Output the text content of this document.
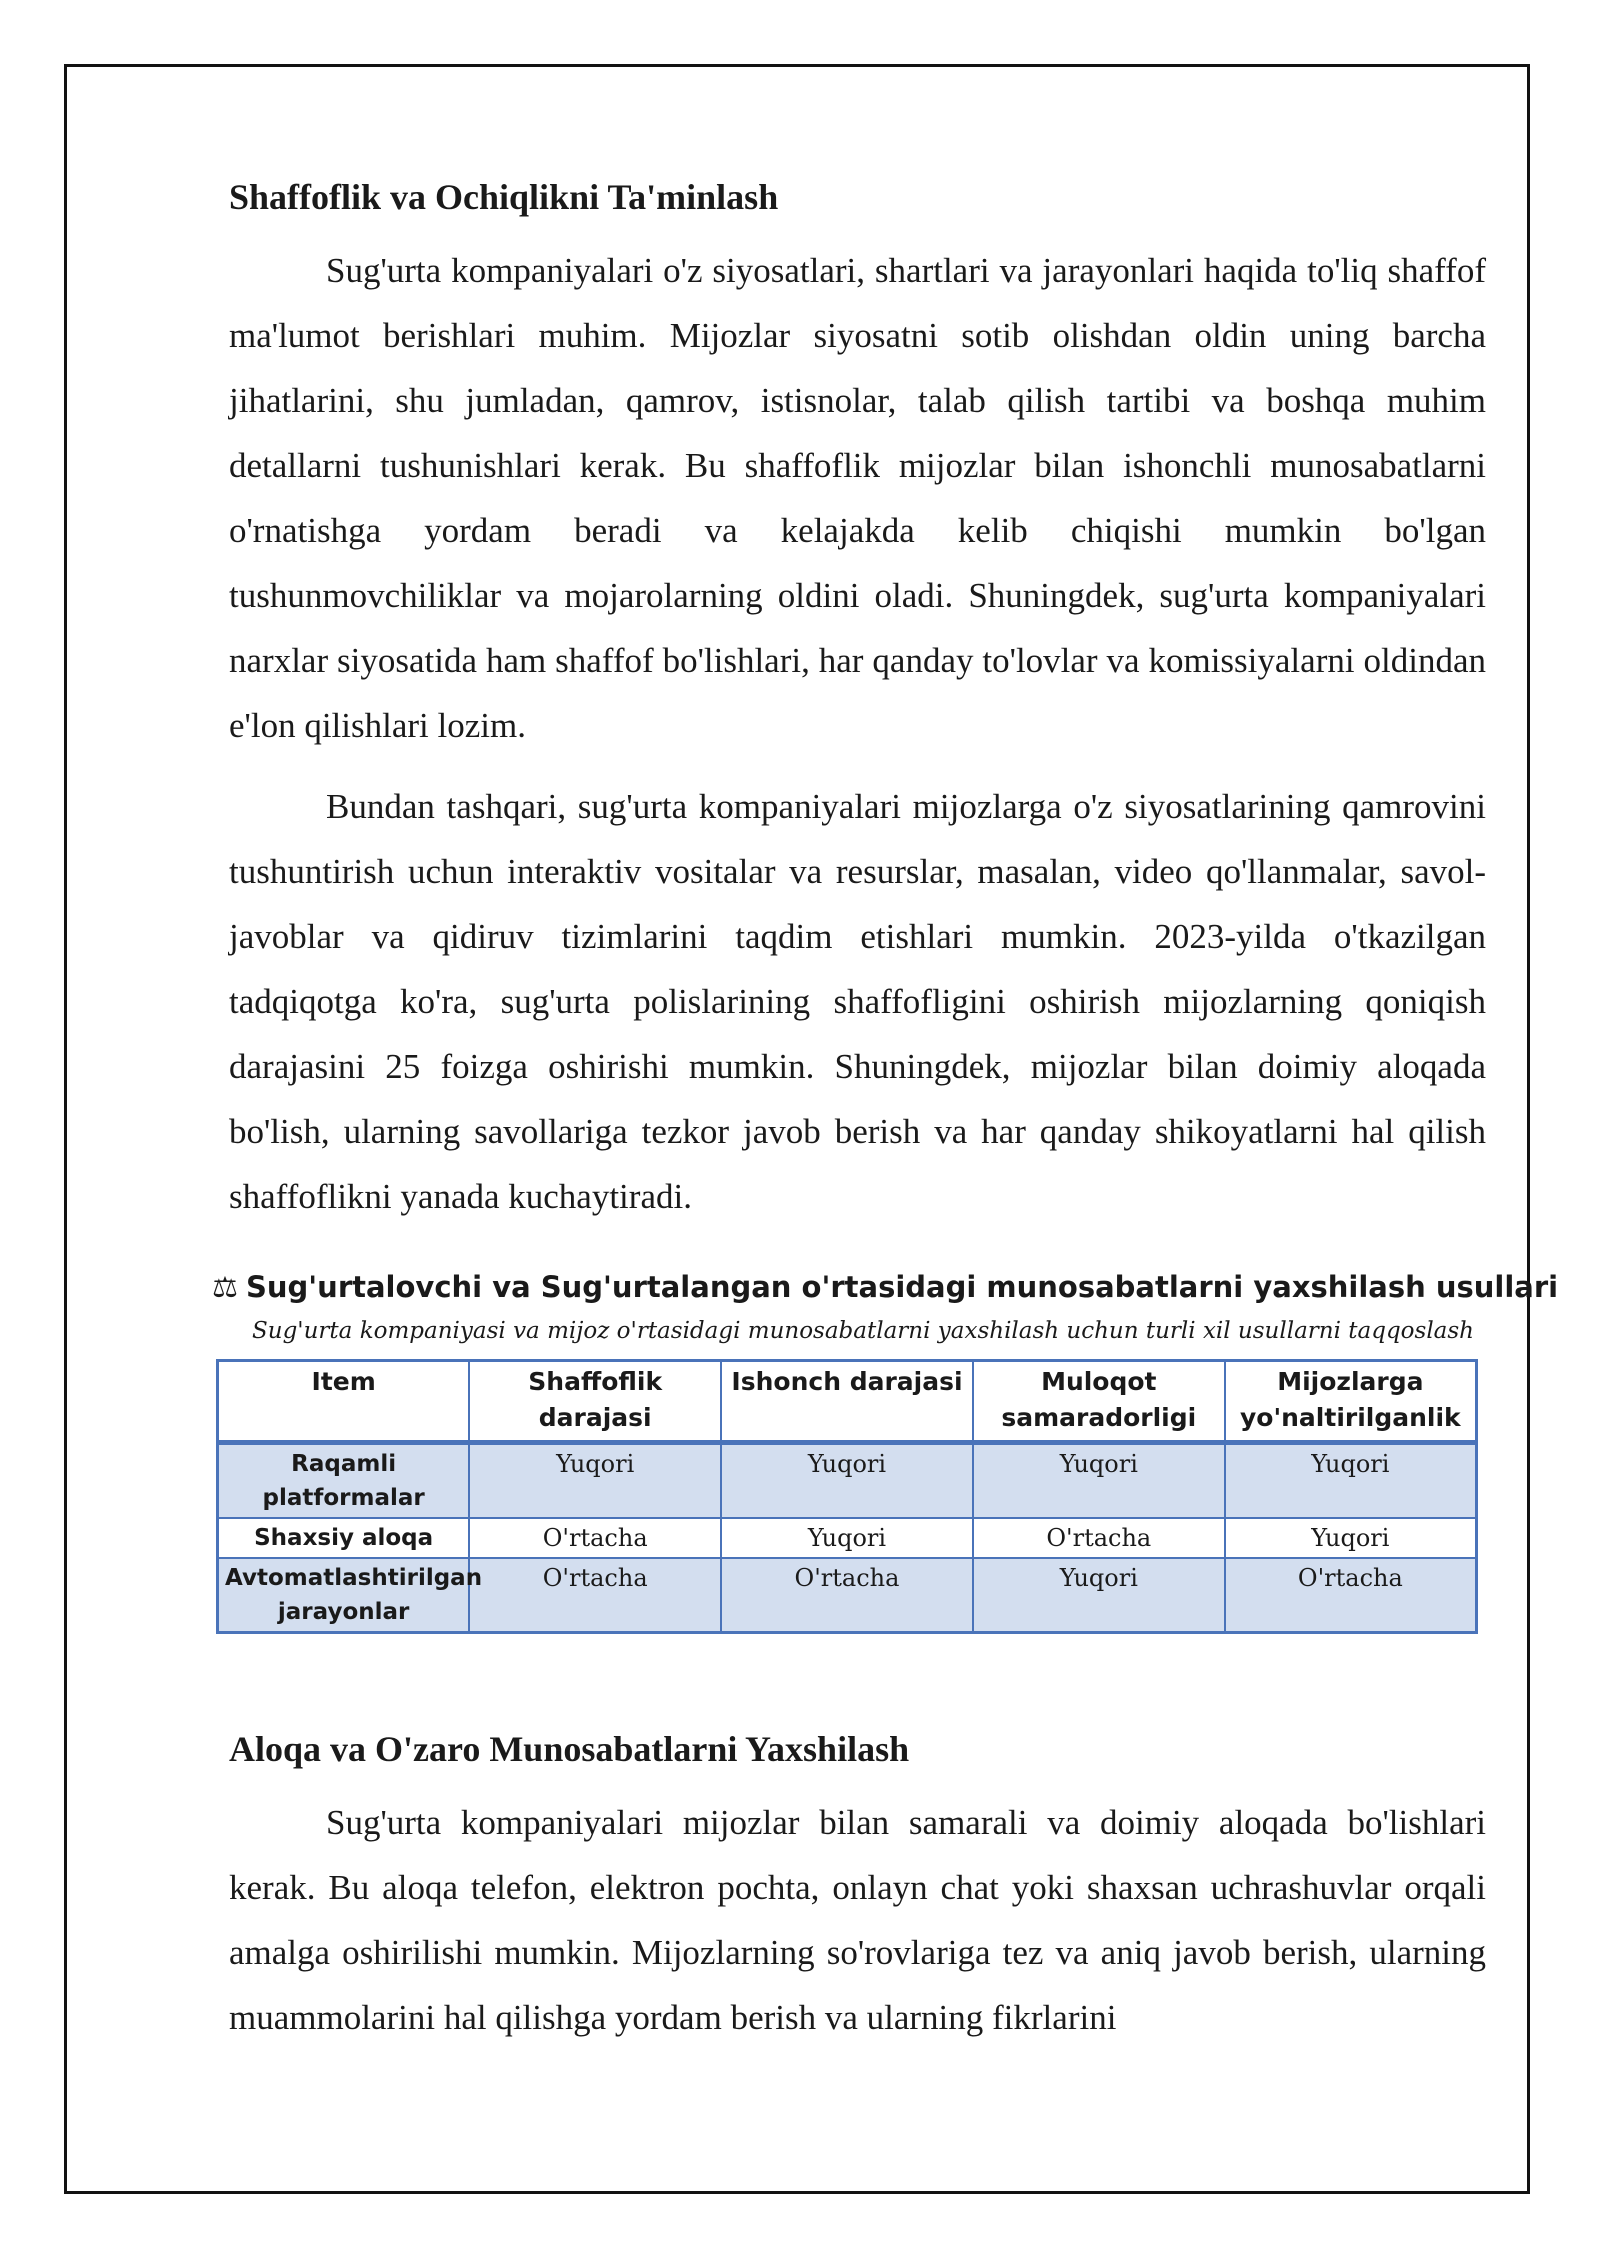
Shaffoflik va Ochiqlikni Ta'minlash

Sug'urta kompaniyalari o'z siyosatlari, shartlari va jarayonlari haqida to'liq shaffof ma'lumot berishlari muhim. Mijozlar siyosatni sotib olishdan oldin uning barcha jihatlarini, shu jumladan, qamrov, istisnolar, talab qilish tartibi va boshqa muhim detallarni tushunishlari kerak. Bu shaffoflik mijozlar bilan ishonchli munosabatlarni o'rnatishga yordam beradi va kelajakda kelib chiqishi mumkin bo'lgan tushunmovchiliklar va mojarolarning oldini oladi. Shuningdek, sug'urta kompaniyalari narxlar siyosatida ham shaffof bo'lishlari, har qanday to'lovlar va komissiyalarni oldindan e'lon qilishlari lozim.

Bundan tashqari, sug'urta kompaniyalari mijozlarga o'z siyosatlarining qamrovini tushuntirish uchun interaktiv vositalar va resurslar, masalan, video qo'llanmalar, savol-javoblar va qidiruv tizimlarini taqdim etishlari mumkin. 2023-yilda o'tkazilgan tadqiqotga ko'ra, sug'urta polislarining shaffofligini oshirish mijozlarning qoniqish darajasini 25 foizga oshirishi mumkin. Shuningdek, mijozlar bilan doimiy aloqada bo'lish, ularning savollariga tezkor javob berish va har qanday shikoyatlarni hal qilish shaffoflikni yanada kuchaytiradi.

⚖ Sug'urtalovchi va Sug'urtalangan o'rtasidagi munosabatlarni yaxshilash usullari
Sug'urta kompaniyasi va mijoz o'rtasidagi munosabatlarni yaxshilash uchun turli xil usullarni taqqoslash
Item	Shaffoflik darajasi	Ishonch darajasi	Muloqot samaradorligi	Mijozlarga yo'naltirilganlik
Raqamli platformalar	Yuqori	Yuqori	Yuqori	Yuqori
Shaxsiy aloqa	O'rtacha	Yuqori	O'rtacha	Yuqori
Avtomatlashtirilgan jarayonlar	O'rtacha	O'rtacha	Yuqori	O'rtacha
Aloqa va O'zaro Munosabatlarni Yaxshilash

Sug'urta kompaniyalari mijozlar bilan samarali va doimiy aloqada bo'lishlari kerak. Bu aloqa telefon, elektron pochta, onlayn chat yoki shaxsan uchrashuvlar orqali amalga oshirilishi mumkin. Mijozlarning so'rovlariga tez va aniq javob berish, ularning muammolarini hal qilishga yordam berish va ularning fikrlarini
